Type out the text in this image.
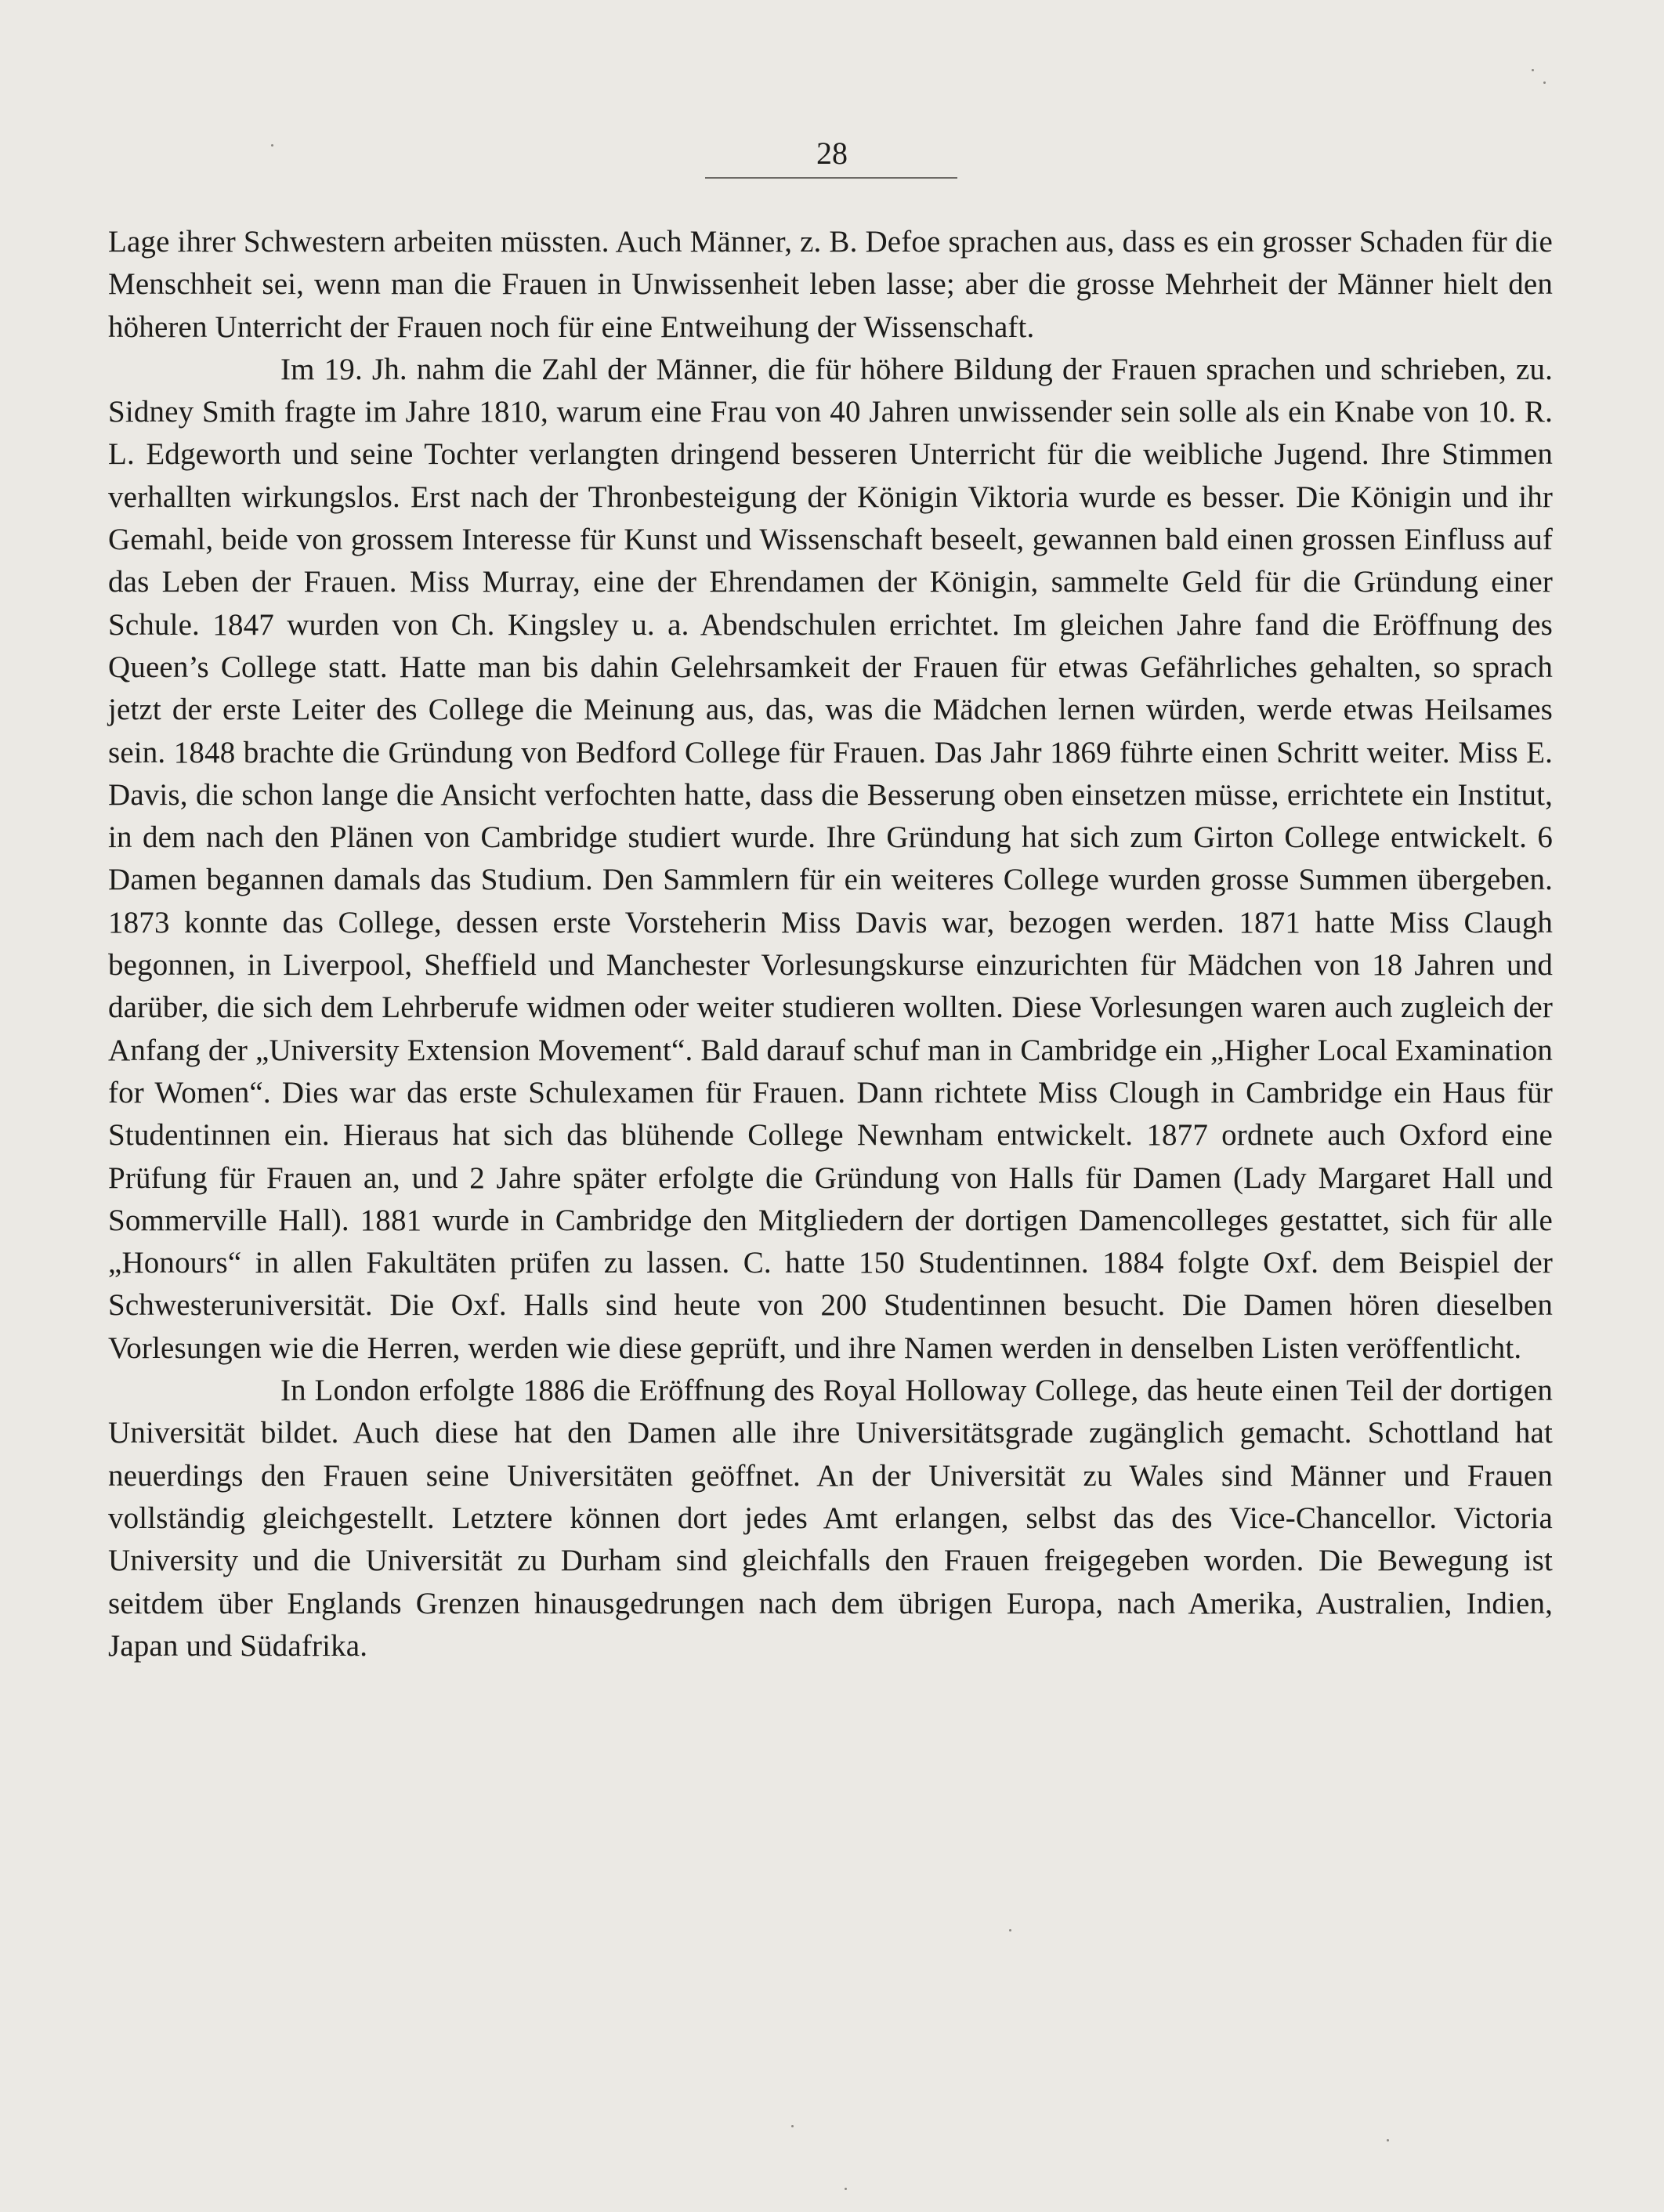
28

Lage ihrer Schwestern arbeiten müssten. Auch Männer, z. B. Defoe sprachen aus, dass es ein grosser Schaden für die Menschheit sei, wenn man die Frauen in Unwissenheit leben lasse; aber die grosse Mehrheit der Männer hielt den höheren Unterricht der Frauen noch für eine Entweihung der Wissenschaft.

Im 19. Jh. nahm die Zahl der Männer, die für höhere Bildung der Frauen sprachen und schrieben, zu. Sidney Smith fragte im Jahre 1810, warum eine Frau von 40 Jahren unwissender sein solle als ein Knabe von 10. R. L. Edgeworth und seine Tochter verlangten dringend besseren Unterricht für die weibliche Jugend. Ihre Stimmen verhallten wirkungslos. Erst nach der Thronbesteigung der Königin Viktoria wurde es besser. Die Königin und ihr Gemahl, beide von grossem Interesse für Kunst und Wissenschaft beseelt, gewannen bald einen grossen Einfluss auf das Leben der Frauen. Miss Murray, eine der Ehrendamen der Königin, sammelte Geld für die Gründung einer Schule. 1847 wurden von Ch. Kingsley u. a. Abendschulen errichtet. Im gleichen Jahre fand die Eröffnung des Queen’s College statt. Hatte man bis dahin Gelehrsamkeit der Frauen für etwas Gefährliches gehalten, so sprach jetzt der erste Leiter des College die Meinung aus, das, was die Mädchen lernen würden, werde etwas Heilsames sein. 1848 brachte die Gründung von Bedford College für Frauen. Das Jahr 1869 führte einen Schritt weiter. Miss E. Davis, die schon lange die Ansicht verfochten hatte, dass die Besserung oben einsetzen müsse, errichtete ein Institut, in dem nach den Plänen von Cambridge studiert wurde. Ihre Gründung hat sich zum Girton College entwickelt. 6 Damen begannen damals das Studium. Den Sammlern für ein weiteres College wurden grosse Summen übergeben. 1873 konnte das College, dessen erste Vorsteherin Miss Davis war, bezogen werden. 1871 hatte Miss Claugh begonnen, in Liverpool, Sheffield und Manchester Vorlesungskurse einzurichten für Mädchen von 18 Jahren und darüber, die sich dem Lehrberufe widmen oder weiter studieren wollten. Diese Vorlesungen waren auch zugleich der Anfang der „University Extension Movement“. Bald darauf schuf man in Cambridge ein „Higher Local Examination for Women“. Dies war das erste Schulexamen für Frauen. Dann richtete Miss Clough in Cambridge ein Haus für Studentinnen ein. Hieraus hat sich das blühende College Newnham entwickelt. 1877 ordnete auch Oxford eine Prüfung für Frauen an, und 2 Jahre später erfolgte die Gründung von Halls für Damen (Lady Margaret Hall und Sommerville Hall). 1881 wurde in Cambridge den Mitgliedern der dortigen Damencolleges gestattet, sich für alle „Honours“ in allen Fakultäten prüfen zu lassen. C. hatte 150 Studentinnen. 1884 folgte Oxf. dem Beispiel der Schwesteruniversität. Die Oxf. Halls sind heute von 200 Studentinnen besucht. Die Damen hören dieselben Vorlesungen wie die Herren, werden wie diese geprüft, und ihre Namen werden in denselben Listen veröffentlicht.

In London erfolgte 1886 die Eröffnung des Royal Holloway College, das heute einen Teil der dortigen Universität bildet. Auch diese hat den Damen alle ihre Universitätsgrade zugänglich gemacht. Schottland hat neuerdings den Frauen seine Universitäten geöffnet. An der Universität zu Wales sind Männer und Frauen vollständig gleichgestellt. Letztere können dort jedes Amt erlangen, selbst das des Vice-Chancellor. Victoria University und die Universität zu Durham sind gleichfalls den Frauen freigegeben worden. Die Bewegung ist seitdem über Englands Grenzen hinausgedrungen nach dem übrigen Europa, nach Amerika, Australien, Indien, Japan und Südafrika.
